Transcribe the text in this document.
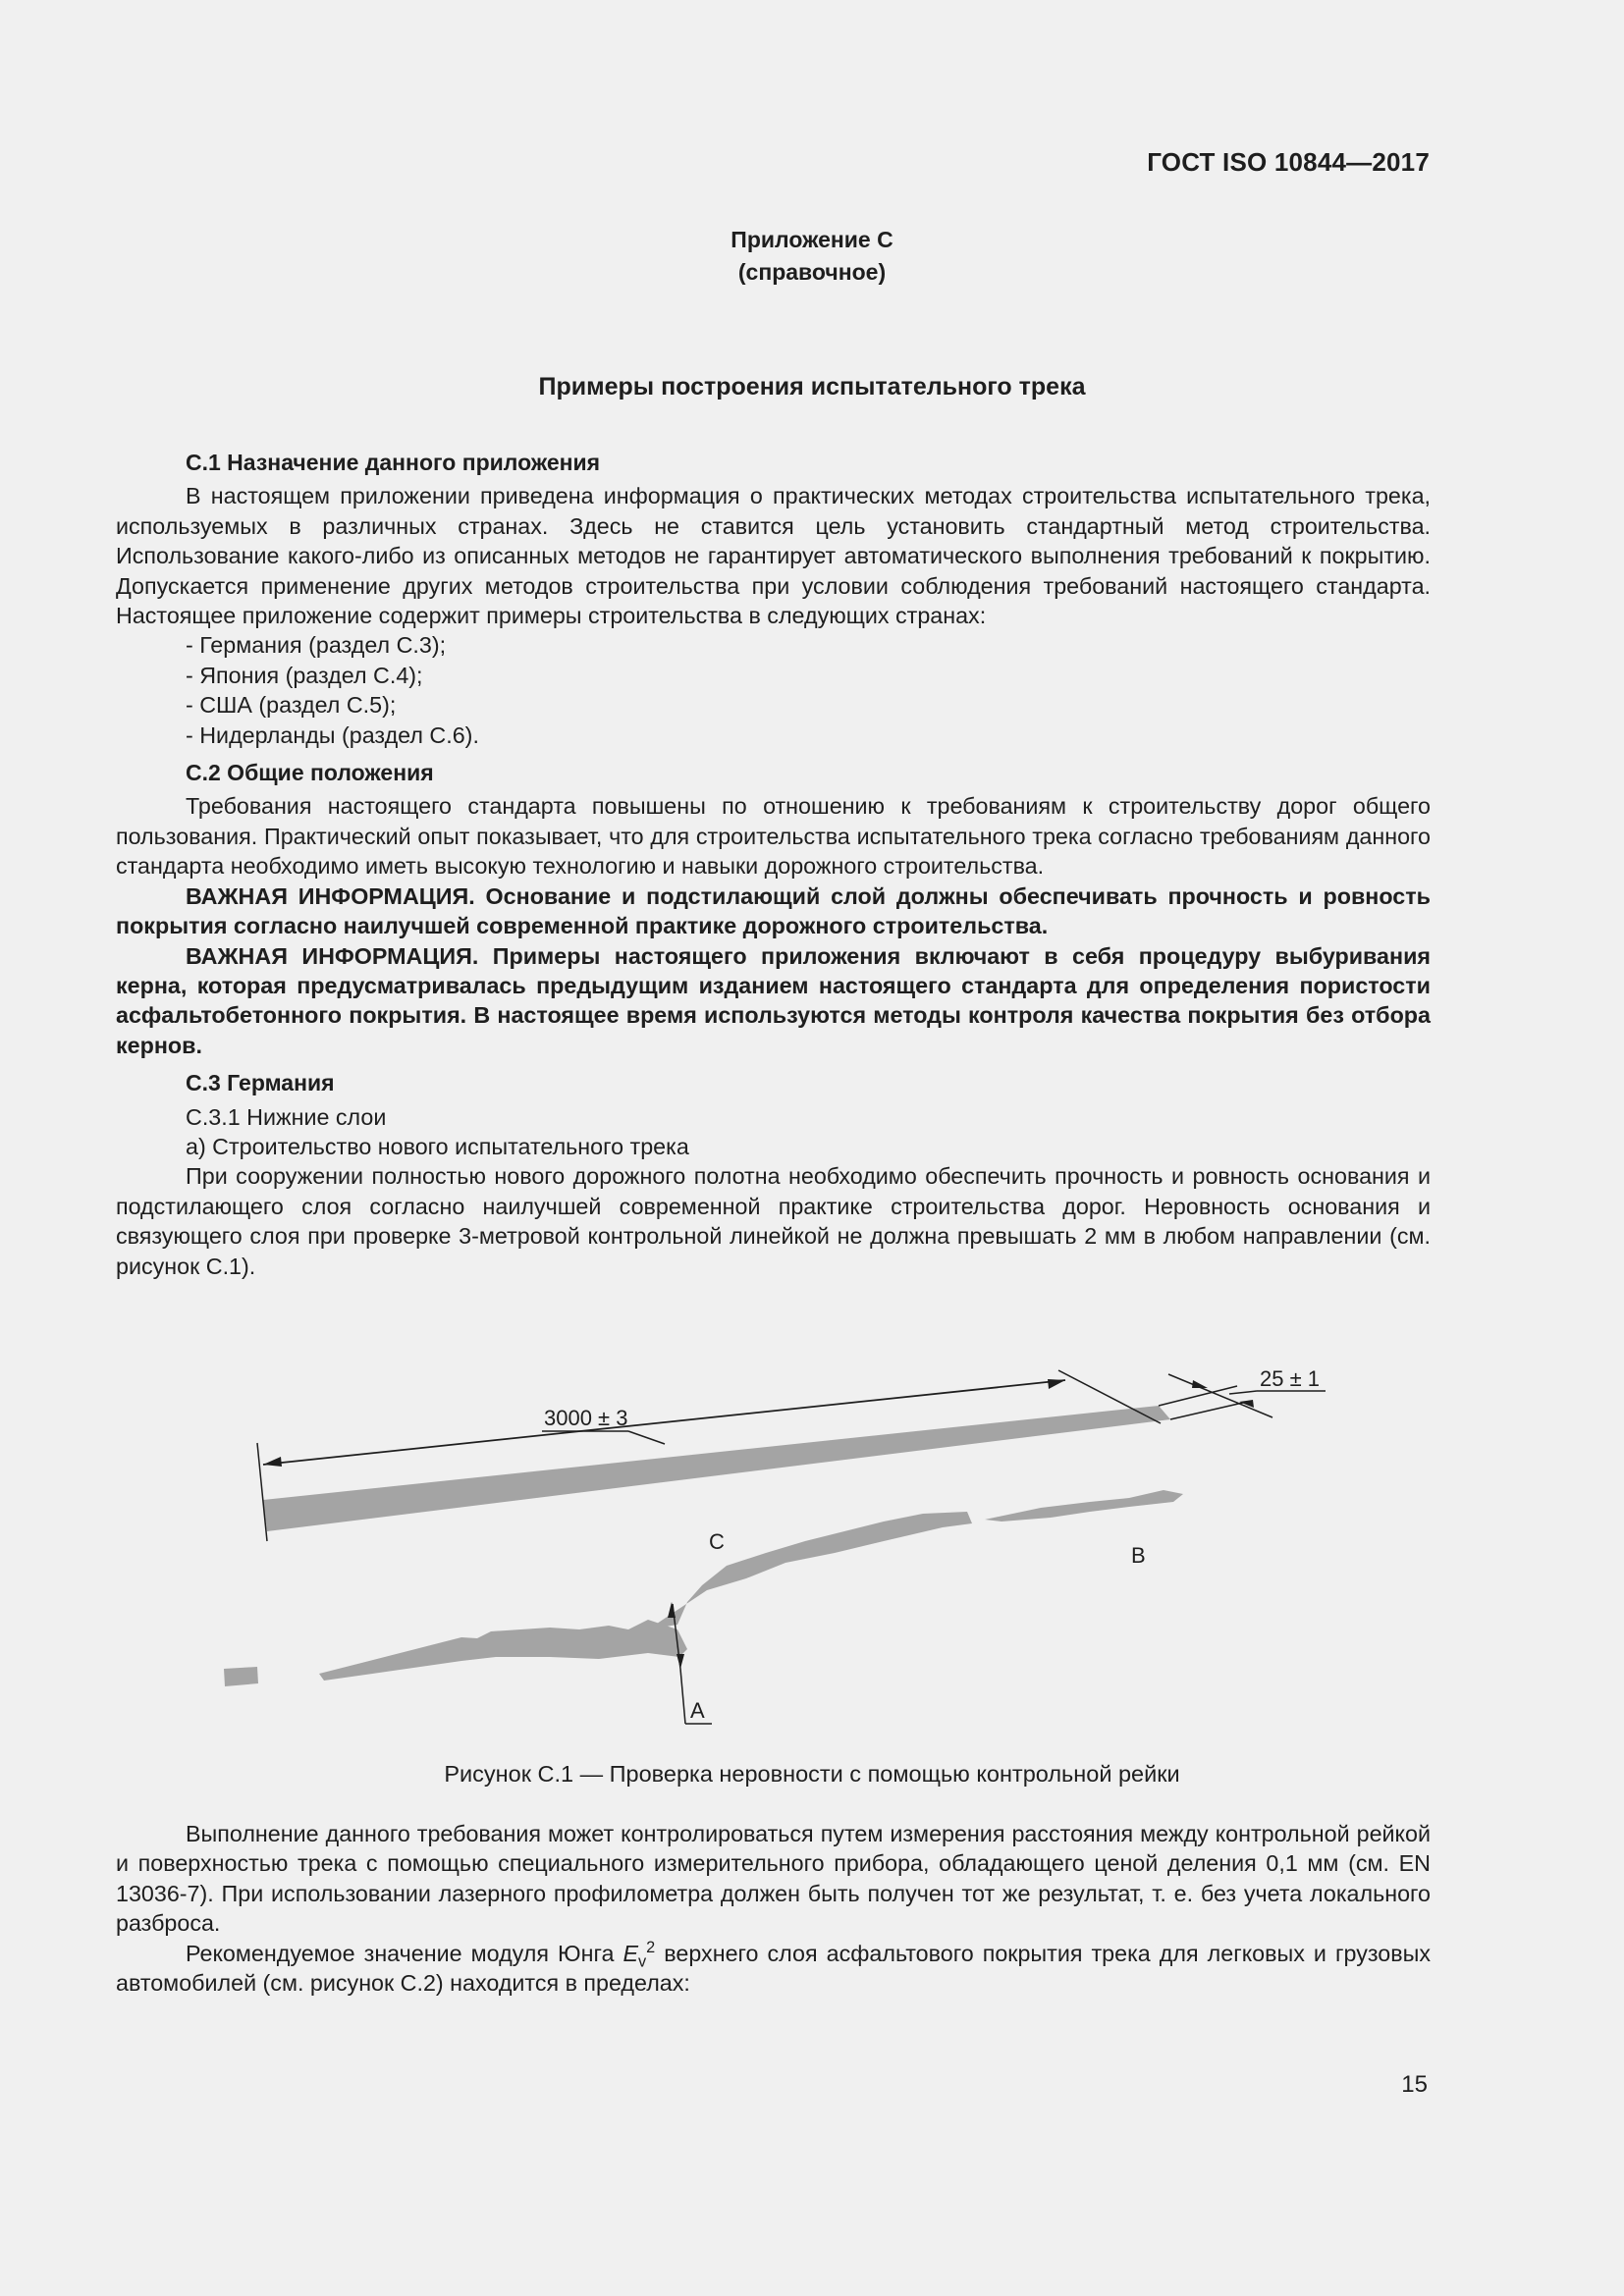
ГОСТ ISO 10844—2017
Приложение С
(справочное)
Примеры построения испытательного трека
С.1 Назначение данного приложения

В настоящем приложении приведена информация о практических методах строительства испытательного трека, используемых в различных странах. Здесь не ставится цель установить стандартный метод строительства. Использование какого-либо из описанных методов не гарантирует автоматического выполнения требований к покрытию. Допускается применение других методов строительства при условии соблюдения требований настоящего стандарта. Настоящее приложение содержит примеры строительства в следующих странах:

- Германия (раздел С.3);
- Япония (раздел С.4);
- США (раздел С.5);
- Нидерланды (раздел С.6).
С.2 Общие положения

Требования настоящего стандарта повышены по отношению к требованиям к строительству дорог общего пользования. Практический опыт показывает, что для строительства испытательного трека согласно требованиям данного стандарта необходимо иметь высокую технологию и навыки дорожного строительства.

ВАЖНАЯ ИНФОРМАЦИЯ. Основание и подстилающий слой должны обеспечивать прочность и ровность покрытия согласно наилучшей современной практике дорожного строительства.

ВАЖНАЯ ИНФОРМАЦИЯ. Примеры настоящего приложения включают в себя процедуру выбуривания керна, которая предусматривалась предыдущим изданием настоящего стандарта для определения пористости асфальтобетонного покрытия. В настоящее время используются методы контроля качества покрытия без отбора кернов.

С.3 Германия
С.3.1 Нижние слои
а) Строительство нового испытательного трека

При сооружении полностью нового дорожного полотна необходимо обеспечить прочность и ровность основания и подстилающего слоя согласно наилучшей современной практике строительства дорог. Неровность основания и связующего слоя при проверке 3-метровой контрольной линейкой не должна превышать 2 мм в любом направлении (см. рисунок С.1).

3000 ± 3
25 ± 1
C
B
A
Рисунок С.1 — Проверка неровности с помощью контрольной рейки

Выполнение данного требования может контролироваться путем измерения расстояния между контрольной рейкой и поверхностью трека с помощью специального измерительного прибора, обладающего ценой деления 0,1 мм (см. EN 13036-7). При использовании лазерного профилометра должен быть получен тот же результат, т. е. без учета локального разброса.

Рекомендуемое значение модуля Юнга $E_v^2$ верхнего слоя асфальтового покрытия трека для легковых и грузовых автомобилей (см. рисунок С.2) находится в пределах:

15
